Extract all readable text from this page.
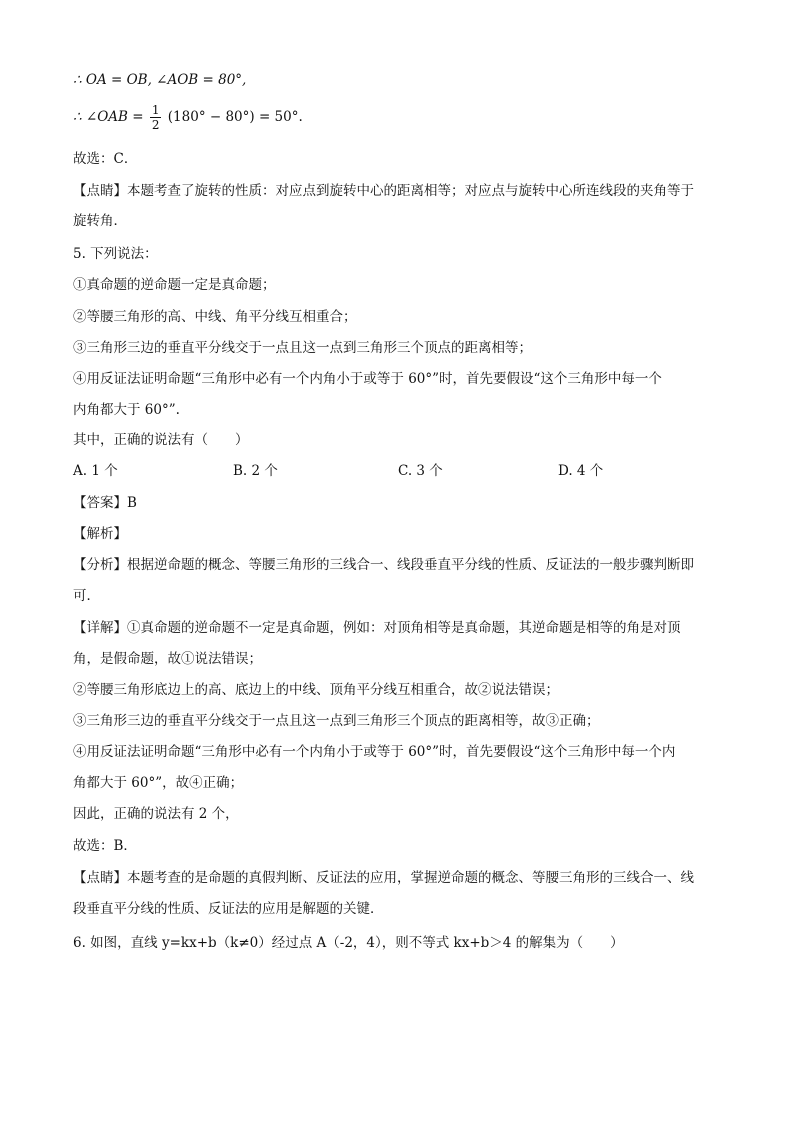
∴ OA = OB, ∠AOB = 80°,
∴ ∠OAB = $\frac{1}{2} (180^\circ - 80^\circ) = 50^\circ$.
故选：C．
【点睛】本题考查了旋转的性质：对应点到旋转中心的距离相等；对应点与旋转中心所连线段的夹角等于
旋转角．
5. 下列说法：
①真命题的逆命题一定是真命题；
②等腰三角形的高、中线、角平分线互相重合；
③三角形三边的垂直平分线交于一点且这一点到三角形三个顶点的距离相等；
④用反证法证明命题“三角形中必有一个内角小于或等于 60°”时，首先要假设“这个三角形中每一个
内角都大于 60°”.
其中，正确的说法有（　　）
A. 1 个	B. 2 个	C. 3 个	D. 4 个
【答案】B
【解析】
【分析】根据逆命题的概念、等腰三角形的三线合一、线段垂直平分线的性质、反证法的一般步骤判断即
可．
【详解】①真命题的逆命题不一定是真命题，例如：对顶角相等是真命题，其逆命题是相等的角是对顶
角，是假命题，故①说法错误；
②等腰三角形底边上的高、底边上的中线、顶角平分线互相重合，故②说法错误；
③三角形三边的垂直平分线交于一点且这一点到三角形三个顶点的距离相等，故③正确；
④用反证法证明命题“三角形中必有一个内角小于或等于 60°”时，首先要假设“这个三角形中每一个内
角都大于 60°”，故④正确；
因此，正确的说法有 2 个，
故选：B．
【点睛】本题考查的是命题的真假判断、反证法的应用，掌握逆命题的概念、等腰三角形的三线合一、线
段垂直平分线的性质、反证法的应用是解题的关键．
6. 如图，直线 y=kx+b（k≠0）经过点 A（-2，4），则不等式 kx+b＞4 的解集为（　　）
